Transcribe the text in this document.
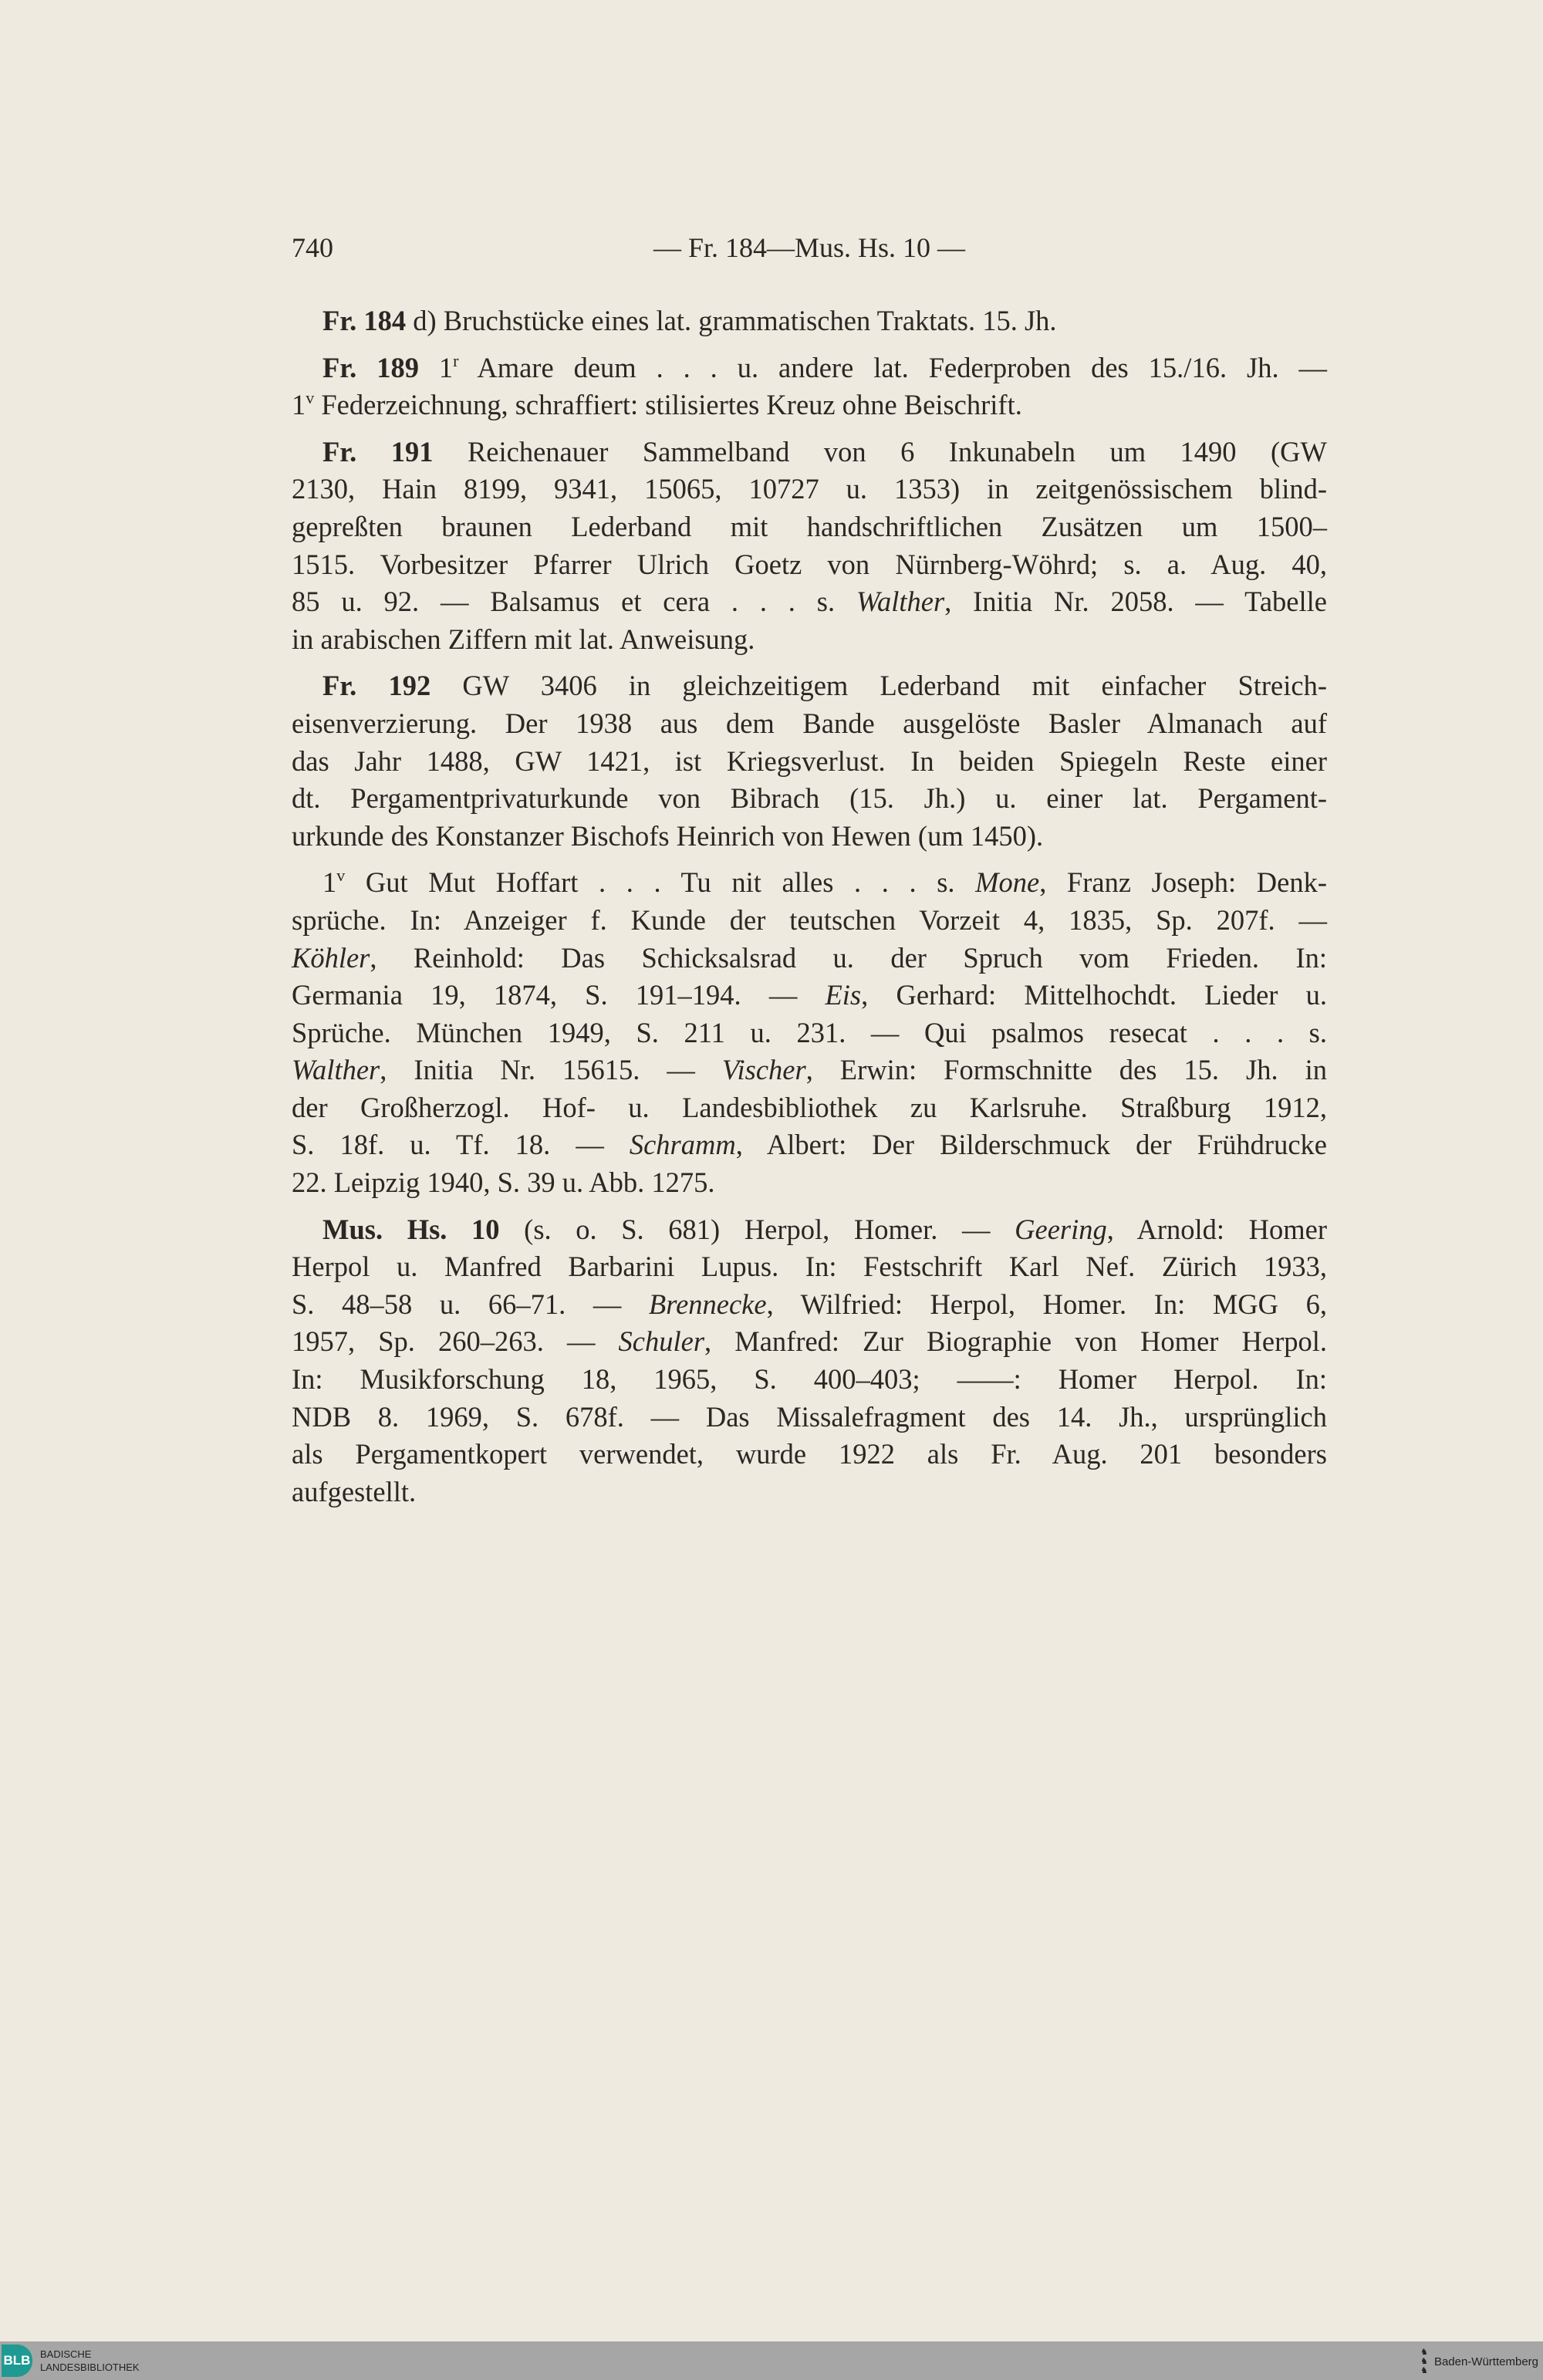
740	— Fr. 184—Mus. Hs. 10 —
Fr. 184 d) Bruchstücke eines lat. grammatischen Traktats. 15. Jh.
Fr. 189 1$^r$ Amare deum . . . u. andere lat. Federproben des 15./16. Jh. —
1$^v$ Federzeichnung, schraffiert: stilisiertes Kreuz ohne Beischrift.
Fr. 191 Reichenauer Sammelband von 6 Inkunabeln um 1490 (GW
2130, Hain 8199, 9341, 15065, 10727 u. 1353) in zeitgenössischem blind-
gepreßten braunen Lederband mit handschriftlichen Zusätzen um 1500–
1515. Vorbesitzer Pfarrer Ulrich Goetz von Nürnberg-Wöhrd; s. a. Aug. 40,
85 u. 92. — Balsamus et cera . . . s. Walther, Initia Nr. 2058. — Tabelle
in arabischen Ziffern mit lat. Anweisung.
Fr. 192 GW 3406 in gleichzeitigem Lederband mit einfacher Streich-
eisenverzierung. Der 1938 aus dem Bande ausgelöste Basler Almanach auf
das Jahr 1488, GW 1421, ist Kriegsverlust. In beiden Spiegeln Reste einer
dt. Pergamentprivaturkunde von Bibrach (15. Jh.) u. einer lat. Pergament-
urkunde des Konstanzer Bischofs Heinrich von Hewen (um 1450).
1$^v$ Gut Mut Hoffart . . . Tu nit alles . . . s. Mone, Franz Joseph: Denk-
sprüche. In: Anzeiger f. Kunde der teutschen Vorzeit 4, 1835, Sp. 207f. —
Köhler, Reinhold: Das Schicksalsrad u. der Spruch vom Frieden. In:
Germania 19, 1874, S. 191–194. — Eis, Gerhard: Mittelhochdt. Lieder u.
Sprüche. München 1949, S. 211 u. 231. — Qui psalmos resecat . . . s.
Walther, Initia Nr. 15615. — Vischer, Erwin: Formschnitte des 15. Jh. in
der Großherzogl. Hof- u. Landesbibliothek zu Karlsruhe. Straßburg 1912,
S. 18f. u. Tf. 18. — Schramm, Albert: Der Bilderschmuck der Frühdrucke
22. Leipzig 1940, S. 39 u. Abb. 1275.
Mus. Hs. 10 (s. o. S. 681) Herpol, Homer. — Geering, Arnold: Homer
Herpol u. Manfred Barbarini Lupus. In: Festschrift Karl Nef. Zürich 1933,
S. 48–58 u. 66–71. — Brennecke, Wilfried: Herpol, Homer. In: MGG 6,
1957, Sp. 260–263. — Schuler, Manfred: Zur Biographie von Homer Herpol.
In: Musikforschung 18, 1965, S. 400–403; ——: Homer Herpol. In:
NDB 8. 1969, S. 678f. — Das Missalefragment des 14. Jh., ursprünglich
als Pergamentkopert verwendet, wurde 1922 als Fr. Aug. 201 besonders
aufgestellt.
BLB BADISCHE
LANDESBIBLIOTHEK
♞
♞
♞
Baden-Württemberg
